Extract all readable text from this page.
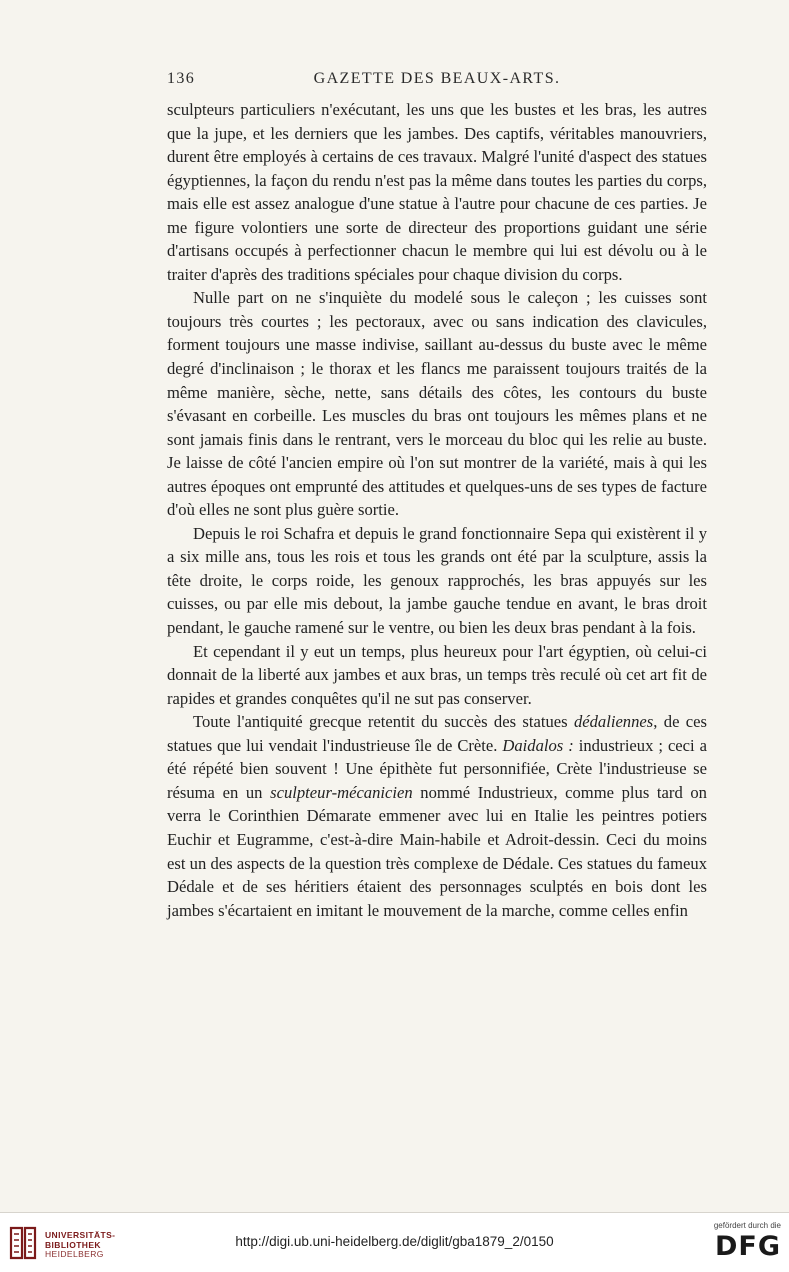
136	GAZETTE DES BEAUX-ARTS.

sculpteurs particuliers n'exécutant, les uns que les bustes et les bras, les autres que la jupe, et les derniers que les jambes. Des captifs, véritables manouvriers, durent être employés à certains de ces travaux. Malgré l'unité d'aspect des statues égyptiennes, la façon du rendu n'est pas la même dans toutes les parties du corps, mais elle est assez analogue d'une statue à l'autre pour chacune de ces parties. Je me figure volontiers une sorte de directeur des proportions guidant une série d'artisans occupés à perfectionner chacun le membre qui lui est dévolu ou à le traiter d'après des traditions spéciales pour chaque division du corps.

Nulle part on ne s'inquiète du modelé sous le caleçon ; les cuisses sont toujours très courtes ; les pectoraux, avec ou sans indication des clavicules, forment toujours une masse indivise, saillant au-dessus du buste avec le même degré d'inclinaison ; le thorax et les flancs me paraissent toujours traités de la même manière, sèche, nette, sans détails des côtes, les contours du buste s'évasant en corbeille. Les muscles du bras ont toujours les mêmes plans et ne sont jamais finis dans le rentrant, vers le morceau du bloc qui les relie au buste. Je laisse de côté l'ancien empire où l'on sut montrer de la variété, mais à qui les autres époques ont emprunté des attitudes et quelques-uns de ses types de facture d'où elles ne sont plus guère sortie.

Depuis le roi Schafra et depuis le grand fonctionnaire Sepa qui existèrent il y a six mille ans, tous les rois et tous les grands ont été par la sculpture, assis la tête droite, le corps roide, les genoux rapprochés, les bras appuyés sur les cuisses, ou par elle mis debout, la jambe gauche tendue en avant, le bras droit pendant, le gauche ramené sur le ventre, ou bien les deux bras pendant à la fois.

Et cependant il y eut un temps, plus heureux pour l'art égyptien, où celui-ci donnait de la liberté aux jambes et aux bras, un temps très reculé où cet art fit de rapides et grandes conquêtes qu'il ne sut pas conserver.

Toute l'antiquité grecque retentit du succès des statues dédaliennes, de ces statues que lui vendait l'industrieuse île de Crète. Daidalos : industrieux ; ceci a été répété bien souvent ! Une épithète fut personnifiée, Crète l'industrieuse se résuma en un sculpteur-mécanicien nommé Industrieux, comme plus tard on verra le Corinthien Démarate emmener avec lui en Italie les peintres potiers Euchir et Eugramme, c'est-à-dire Main-habile et Adroit-dessin. Ceci du moins est un des aspects de la question très complexe de Dédale. Ces statues du fameux Dédale et de ses héritiers étaient des personnages sculptés en bois dont les jambes s'écartaient en imitant le mouvement de la marche, comme celles enfin

UNIVERSITÄTS-
BIBLIOTHEK
HEIDELBERG
http://digi.ub.uni-heidelberg.de/diglit/gba1879_2/0150
gefördert durch die
DFG
